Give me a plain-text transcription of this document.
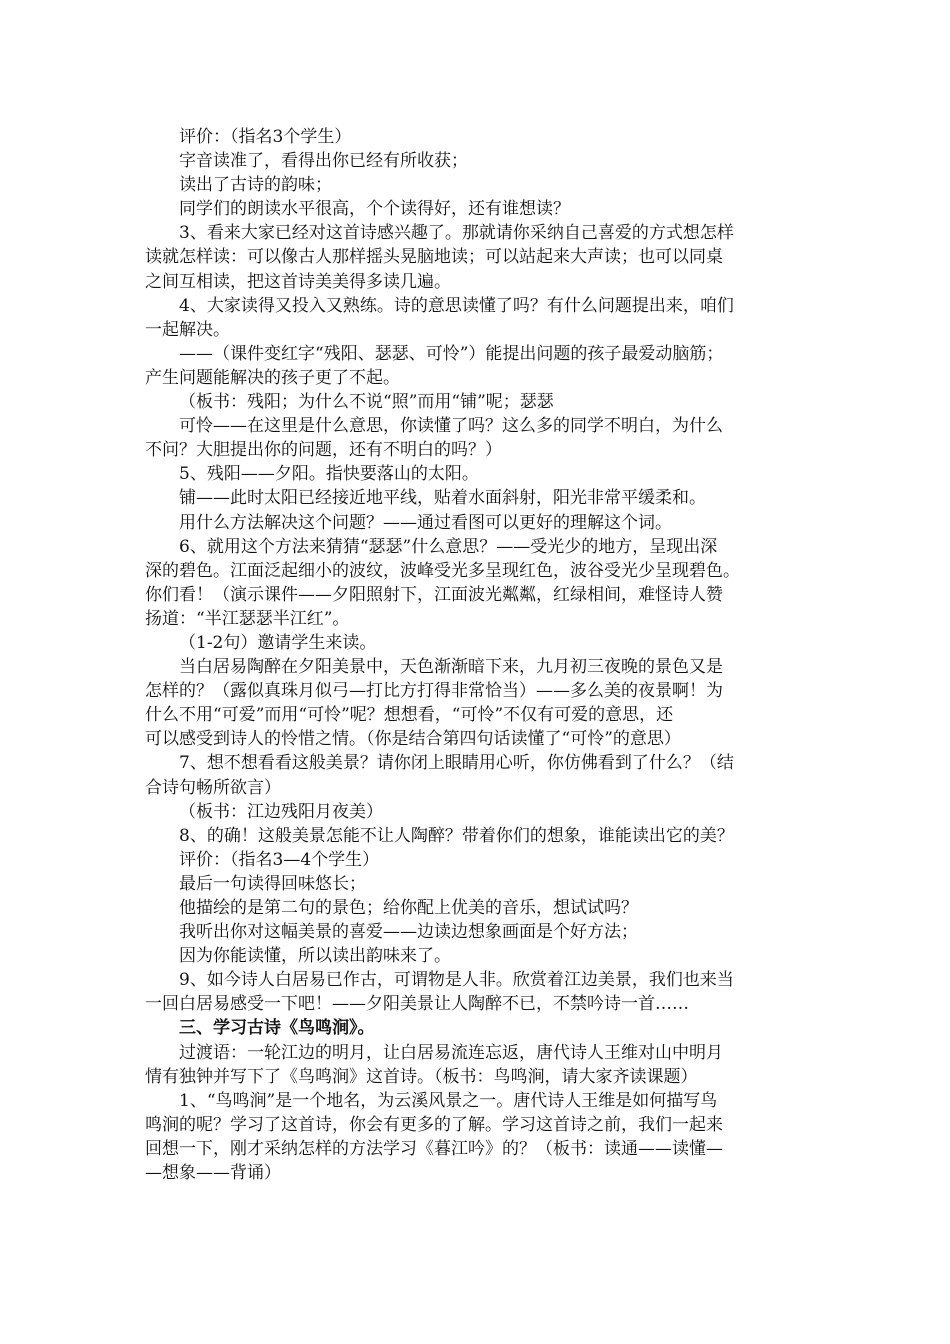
评价：（指名3个学生）
字音读准了，看得出你已经有所收获；
读出了古诗的韵味；
同学们的朗读水平很高，个个读得好，还有谁想读？
3、看来大家已经对这首诗感兴趣了。那就请你采纳自己喜爱的方式想怎样
读就怎样读：可以像古人那样摇头晃脑地读；可以站起来大声读；也可以同桌
之间互相读，把这首诗美美得多读几遍。
4、大家读得又投入又熟练。诗的意思读懂了吗？有什么问题提出来，咱们
一起解决。
——（课件变红字“残阳、瑟瑟、可怜”）能提出问题的孩子最爱动脑筋；
产生问题能解决的孩子更了不起。
（板书：残阳；为什么不说“照”而用“铺”呢；瑟瑟
可怜——在这里是什么意思，你读懂了吗？这么多的同学不明白，为什么
不问？大胆提出你的问题，还有不明白的吗？）
5、残阳——夕阳。指快要落山的太阳。
铺——此时太阳已经接近地平线，贴着水面斜射，阳光非常平缓柔和。
用什么方法解决这个问题？——通过看图可以更好的理解这个词。
6、就用这个方法来猜猜“瑟瑟”什么意思？——受光少的地方，呈现出深
深的碧色。江面泛起细小的波纹，波峰受光多呈现红色，波谷受光少呈现碧色。
你们看！（演示课件——夕阳照射下，江面波光粼粼，红绿相间，难怪诗人赞
扬道：“半江瑟瑟半江红”。
（1-2句）邀请学生来读。
当白居易陶醉在夕阳美景中，天色渐渐暗下来，九月初三夜晚的景色又是
怎样的？（露似真珠月似弓—打比方打得非常恰当）——多么美的夜景啊！为
什么不用“可爱”而用“可怜”呢？想想看，“可怜”不仅有可爱的意思，还
可以感受到诗人的怜惜之情。（你是结合第四句话读懂了“可怜”的意思）
7、想不想看看这般美景？请你闭上眼睛用心听，你仿佛看到了什么？（结
合诗句畅所欲言）
（板书：江边残阳月夜美）
8、的确！这般美景怎能不让人陶醉？带着你们的想象，谁能读出它的美？
评价：（指名3—4个学生）
最后一句读得回味悠长；
他描绘的是第二句的景色；给你配上优美的音乐，想试试吗？
我听出你对这幅美景的喜爱——边读边想象画面是个好方法；
因为你能读懂，所以读出韵味来了。
9、如今诗人白居易已作古，可谓物是人非。欣赏着江边美景，我们也来当
一回白居易感受一下吧！——夕阳美景让人陶醉不已，不禁吟诗一首……
三、学习古诗《鸟鸣涧》。
过渡语：一轮江边的明月，让白居易流连忘返，唐代诗人王维对山中明月
情有独钟并写下了《鸟鸣涧》这首诗。（板书：鸟鸣涧，请大家齐读课题）
1、“鸟鸣涧”是一个地名，为云溪风景之一。唐代诗人王维是如何描写鸟
鸣涧的呢？学习了这首诗，你会有更多的了解。学习这首诗之前，我们一起来
回想一下，刚才采纳怎样的方法学习《暮江吟》的？（板书：读通——读懂—
—想象——背诵）
